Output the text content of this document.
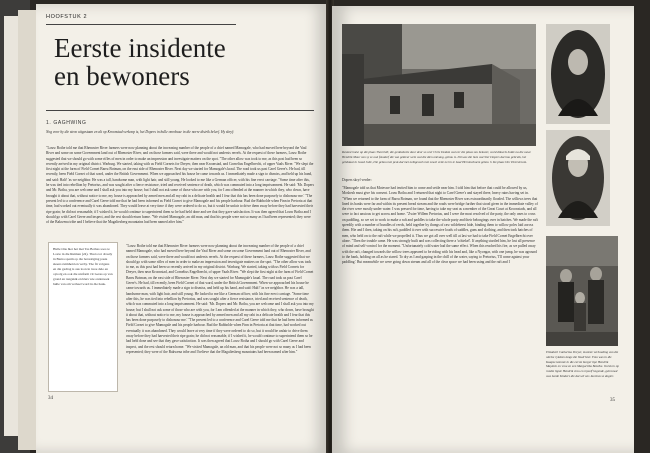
HOOFSTUK 2
Eerste insidente
en bewoners
1. GAGHWING
Nog voor hy die stroo uitgestaan en alt op Kroonstad verkoop is, het Dopers in hulle onrobuse in die norre distrik beleef. Hy skryf:

"Louw Bothe told me that Rhenoster River farmers were now planning about the increasing number of the people of a chief named Mamogale, who had moved here beyond the Vaal River and some on some Government land out of Rhenoster River, and on those farmers said, were there and would not undersis rerrels. At the request of these farmers, Louw Bothe suggested that we should go with some rifles of men in order to make an impression and investigate matters on the spot. "The other allow was took to me, as this post had been so recently arrived in my original district. Warburg. We started, taking with us Field Cornets for Dreyer, then near Kroonstad, and Cornelius Engelbrecht, of upper Vaals River. "We slept the first night at the farm of Field Cornet Barru Botman, on the east side of Rhenoster River. Next day we started for Mamogale's kraal. The road took us past Carel Geere's. He had, till recently, been Field Cornet of that ward, under the British Government. When we approached his house he came towards us. I immediately made a sign to dismiss, and held up his hand, and said: Halt! 'as we neighbor. He was a tall, handsome man, with light hair, and still young. He looked to me like a German officer, with his fine erect carriage. "Some time after this, he was tied into rebellion by Pretorius, and was sought after a fierce resistance, tried and received sentence of death, which was commuted into a long imprisonment. He said: 'Mr. Dopers and Mr. Botha, you are welcome and I shall ask you into my house; but I shall not ask some of those who are with you, for I am offended at the manner in which they, who down, have brought it about that, without notice to me, my house is approached by armed men and all my rabi in a delicate health and I fear that this has been done purposely to dishonour me.' "The present led to a conference and Carel Geere told me that he had been informed as Field Cornet to give Mamogale and his people harbour. Bud the Rubbolde when Finn in Pretoria at that time, had worked out eventually it was abandoned. They would leave at very time if they were ordered to do so, but it would be unfair to drive them away before they had harvested their ripe grain; he did not reasonable, if I wished it, he would continue to superintend them so he had held done and see that they gave satisfaction. It was then agreed that Louw Botha and I should go with Carel Geere and inspect, and the rest should return home. "We visited Mamogale, an old man, and that his people were not so many as I had been represented; they were of the Bakwena tribe and I believe that the Magaliesberg mountains had been named after him."

Hulle Ons hier het met Tas Bothes soos te Louw in die Ruimen (24). Thu is tot drosdy in Berna sparm op die bevestiging pasie skaars ruimheid en verby. The fir volgens en die gedrag is aus loon in twee dele en opvolg en ook die uniform vir Geres op van grond en rangskik en lêers wie ondersoek hulle van om verbeel word in die haak.

"Louw Bothe told me that Rhenoster River farmers were now planning about the increasing number of the people of a chief named Mamogale, who had moved here beyond the Vaal River and some on some Government land out of Rhenoster River, and on those farmers said, were there and would not undersis rerrels. At the request of these farmers, Louw Bothe suggested that we should go with some rifles of men in order to make an impression and investigate matters on the spot. "The other allow was took to me, as this post had been so recently arrived in my original district. Warburg. We started, taking with us Field Cornets for Dreyer, then near Kroonstad, and Cornelius Engelbrecht, of upper Vaals River. "We slept the first night at the farm of Field Cornet Barru Botman, on the east side of Rhenoster River. Next day we started for Mamogale's kraal. The road took us past Carel Geere's. He had, till recently, been Field Cornet of that ward, under the British Government. When we approached his house he came towards us. I immediately made a sign to dismiss, and held up his hand, and said: Halt! 'as we neighbor. He was a tall, handsome man, with light hair, and still young. He looked to me like a German officer, with his fine erect carriage. "Some time after this, he was tied into rebellion by Pretorius, and was sought after a fierce resistance, tried and received sentence of death, which was commuted into a long imprisonment. He said: 'Mr. Dopers and Mr. Botha, you are welcome and I shall ask you into my house; but I shall not ask some of those who are with you, for I am offended at the manner in which they, who down, have brought it about that, without notice to me, my house is approached by armed men and all my rabi in a delicate health and I fear that this has been done purposely to dishonour me.' "The present led to a conference and Carel Geere told me that he had been informed as Field Cornet to give Mamogale and his people harbour. Bud the Rubbolde when Finn in Pretoria at that time, had worked out eventually it was abandoned. They would leave at very time if they were ordered to do so, but it would be unfair to drive them away before they had harvested their ripe grain; he did not reasonable, if I wished it, he would continue to superintend them so he had held done and see that they gave satisfaction. It was then agreed that Louw Botha and I should go with Carel Geere and inspect, and the rest should return home. "We visited Mamogale, an old man, and that his people were not so many as I had been represented; they were of the Bakwena tribe and I believe that the Magaliesberg mountains had been named after him."

34
Restant huise op die plaas Thornhill, die geskiedenis duur deur so veel Chris Dedam wat eer die plaas seu bekoort, word dikwels hulde na die ouwe Hendrik Muur van sy se ook fotodarf die van gekleur wele wat die dien ontvang, gebou is. Dit was die huis wat Sier Dopers dat hou gebruik, het geldstaat in Goud Julie, Die gebou met peul-dal met nelkgewels met sowel vette net in te haal Hernmelnoem gebou 'n bie plaas Om Vleerstroom.
Elizabeth Catharina Dreyer, mooiste verhouding van die uitelse rykdom langs die Vaalrivier. Foto was in die Kaapse kolonie in die eerste burger tipe Hendrik Maydem en vrou en een Margaritha Botelke. Oorsk in op rondte ligste Hendrik vrou en myself hegende, getrouwd was harde Kinders die dat wil ons Jacobus se dogter.
Dopers skryf verder:

"Mamogale told us that Moteswe had invited him to come and settle near him. I told him that before that could be allowed by us, Moshesh must give his consent. Louw Botha and I returned that night to Carel Geere's and stayed there, heavy rains having set in. "When we returned to the farm of Barru Botman, we found that the Rhenoster River was extraordinarily flooded. The willows trees that lined its banks were far and within its present bread stream and the roads were bridge further that stood given in the immediate valley of the river were mostly under water. I was pressed for time, having to take my seat as a member of the Great Court at Kroonstads, and all were to fact anxious to get across and home. "Zwier Willem Pretorius, and I were the most resolved of the party, the only ones to cross on paddling, so we set to work to make a raft and paddles to take the whole party and their belongings over in batches. We made the raft speedily with a number of bundles of reeds, held together by thongs of raw wildebeest hide, binding them to willow poles laid across them. Hie and I then, taking on his raft, paddled it over with successive loads of saddles, guns and clothing, and then took batches of men, who held on to the raft while we propelled it. Thus we got all over well till at last we had to take Field Cornet Engelbrecht over alone. "Then the trouble came. He was strongly built and was collecting there a 'schiekel'. If anything startled him, he lost all presence of mind and self-control for the moment. "Unfortunately cold water had the same effect. When this reached his fire, as we pulled away with the raft, changed towards the willow trees appeared to be riding with his head and, like a Nyongar, with one jump, he was aground to the bank, holding on all as he stared. To dry as I and gasping in the chill of the water, saying to Pretorius, 'I'll come against your paddling.' But meanwhile we were going down stream and all of the clear space we had been using and the raft and I

35
